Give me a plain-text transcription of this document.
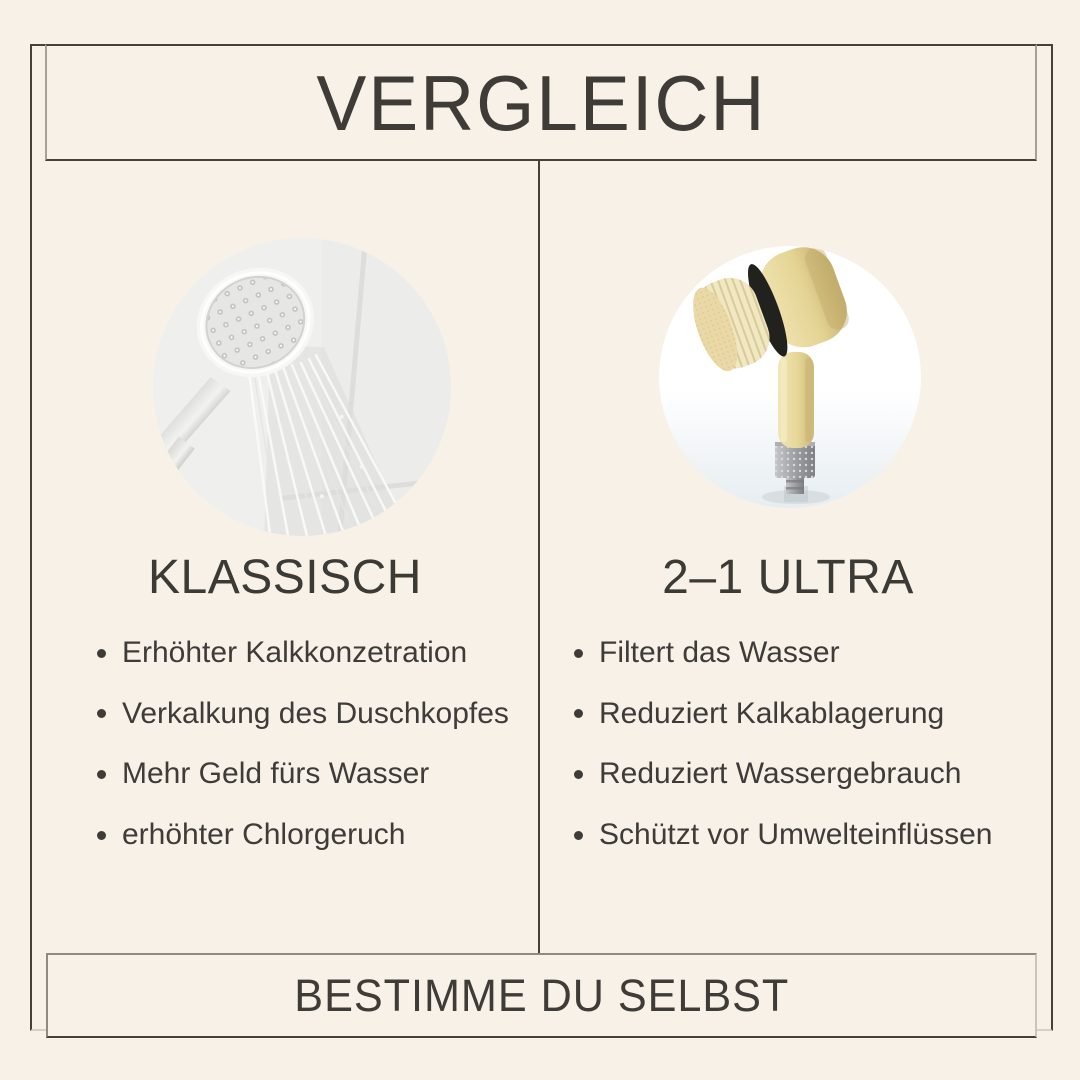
VERGLEICH
KLASSISCH
Erhöhter Kalkkonzetration
Verkalkung des Duschkopfes
Mehr Geld fürs Wasser
erhöhter Chlorgeruch
2–1 ULTRA
Filtert das Wasser
Reduziert Kalkablagerung
Reduziert Wassergebrauch
Schützt vor Umwelteinflüssen
BESTIMME DU SELBST
